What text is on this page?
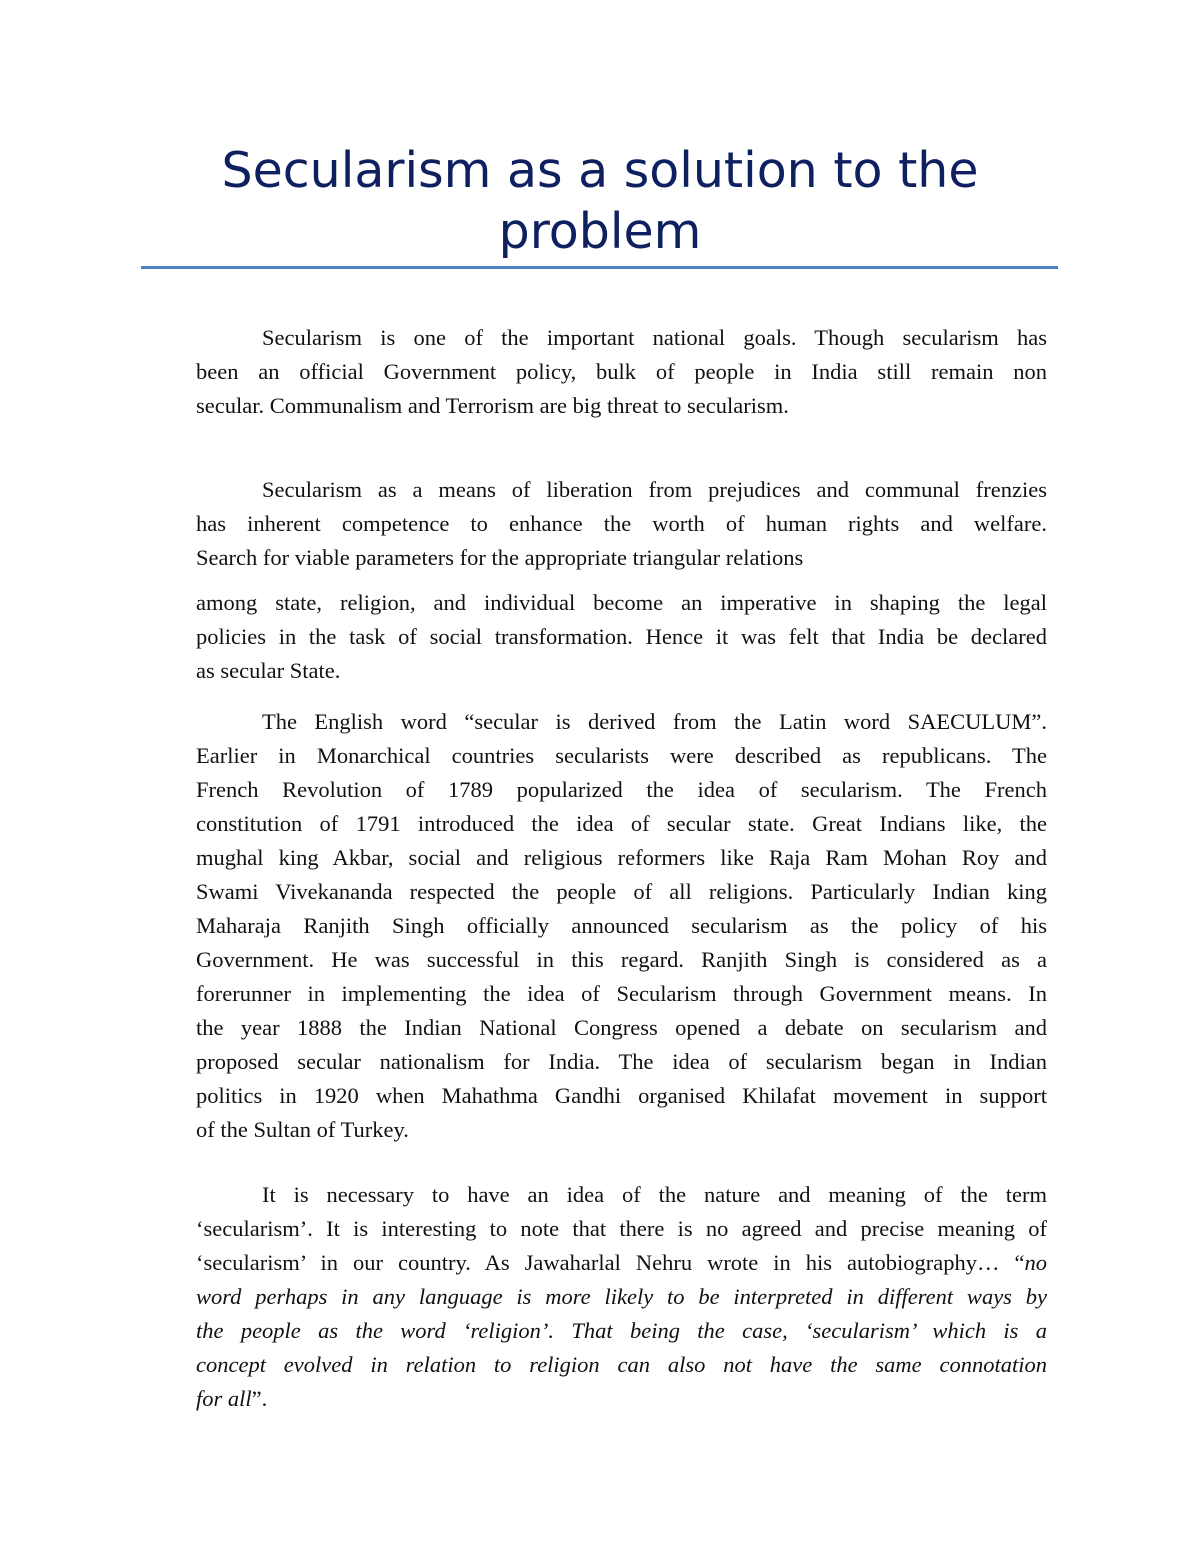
Secularism as a solution to the
problem
Secularism is one of the important national goals. Though secularism has
been an official Government policy, bulk of people in India still remain non
secular. Communalism and Terrorism are big threat to secularism.
Secularism as a means of liberation from prejudices and communal frenzies
has inherent competence to enhance the worth of human rights and welfare.
Search for viable parameters for the appropriate triangular relations
among state, religion, and individual become an imperative in shaping the legal
policies in the task of social transformation. Hence it was felt that India be declared
as secular State.
The English word “secular is derived from the Latin word SAECULUM”.
Earlier in Monarchical countries secularists were described as republicans. The
French Revolution of 1789 popularized the idea of secularism. The French
constitution of 1791 introduced the idea of secular state. Great Indians like, the
mughal king Akbar, social and religious reformers like Raja Ram Mohan Roy and
Swami Vivekananda respected the people of all religions. Particularly Indian king
Maharaja Ranjith Singh officially announced secularism as the policy of his
Government. He was successful in this regard. Ranjith Singh is considered as a
forerunner in implementing the idea of Secularism through Government means. In
the year 1888 the Indian National Congress opened a debate on secularism and
proposed secular nationalism for India. The idea of secularism began in Indian
politics in 1920 when Mahathma Gandhi organised Khilafat movement in support
of the Sultan of Turkey.
It is necessary to have an idea of the nature and meaning of the term
‘secularism’. It is interesting to note that there is no agreed and precise meaning of
‘secularism’ in our country. As Jawaharlal Nehru wrote in his autobiography… “no
word perhaps in any language is more likely to be interpreted in different ways by
the people as the word ‘religion’. That being the case, ‘secularism’ which is a
concept evolved in relation to religion can also not have the same connotation
for all”.
